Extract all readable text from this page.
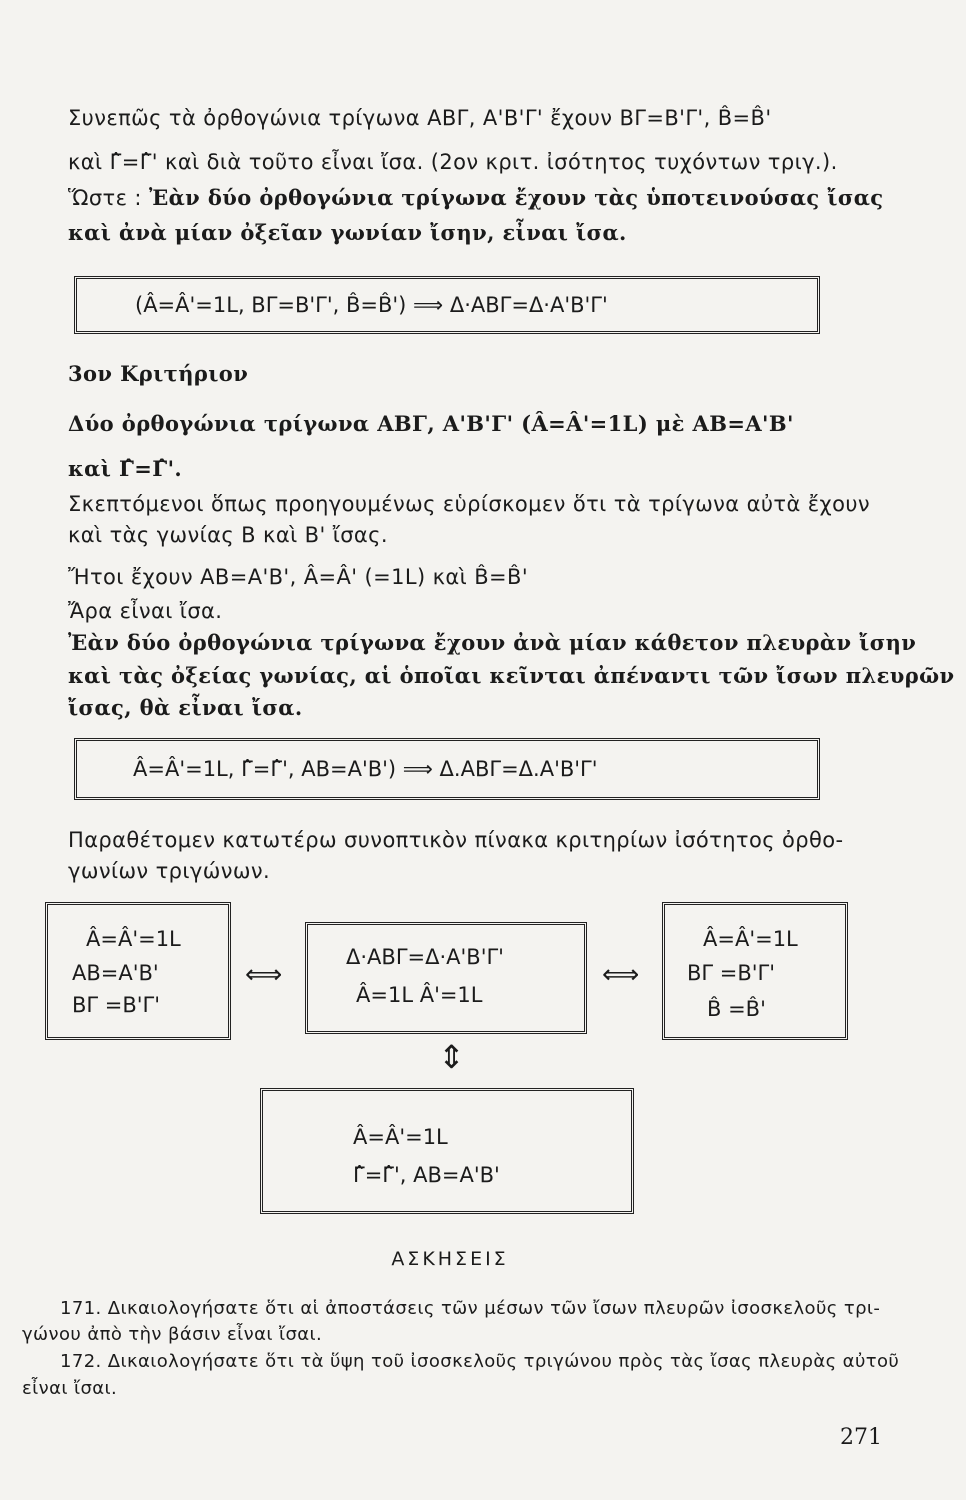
Συνεπῶς τὰ ὀρθογώνια τρίγωνα ΑΒΓ, Α'Β'Γ' ἔχουν ΒΓ=Β'Γ', B̂=B̂'
καὶ Γ̂=Γ̂' καὶ διὰ τοῦτο εἶναι ἴσα. (2ον κριτ. ἰσότητος τυχόντων τριγ.).
Ὥστε : Ἐὰν δύο ὀρθογώνια τρίγωνα ἔχουν τὰς ὑποτεινούσας ἴσας
καὶ ἀνὰ μίαν ὀξεῖαν γωνίαν ἴσην, εἶναι ἴσα.
(Â=Â'=1L, ΒΓ=Β'Γ', B̂=B̂') ⟹ Δ·ΑΒΓ=Δ·Α'Β'Γ'
3ον Κριτήριον
Δύο ὀρθογώνια τρίγωνα ΑΒΓ, Α'Β'Γ' (Â=Â'=1L) μὲ ΑΒ=Α'Β'
καὶ Γ̂=Γ̂'.
Σκεπτόμενοι ὅπως προηγουμένως εὑρίσκομεν ὅτι τὰ τρίγωνα αὐτὰ ἔχουν
καὶ τὰς γωνίας Β καὶ Β' ἴσας.
Ἤτοι ἔχουν ΑΒ=Α'Β', Â=Â' (=1L) καὶ B̂=B̂'
Ἄρα εἶναι ἴσα.
Ἐὰν δύο ὀρθογώνια τρίγωνα ἔχουν ἀνὰ μίαν κάθετον πλευρὰν ἴσην
καὶ τὰς ὀξείας γωνίας, αἱ ὁποῖαι κεῖνται ἀπέναντι τῶν ἴσων πλευρῶν
ἴσας, θὰ εἶναι ἴσα.
Â=Â'=1L, Γ̂=Γ̂', ΑΒ=Α'Β') ⟹ Δ.ΑΒΓ=Δ.Α'Β'Γ'
Παραθέτομεν κατωτέρω συνοπτικὸν πίνακα κριτηρίων ἰσότητος ὀρθο-
γωνίων τριγώνων.
Â=Â'=1L
ΑΒ=Α'Β'
ΒΓ =Β'Γ'
⟺
Δ·ΑΒΓ=Δ·Α'Β'Γ'
Â=1L Â'=1L
⟺
Â=Â'=1L
ΒΓ =Β'Γ'
B̂ =B̂'
⇕
Â=Â'=1L
Γ̂=Γ̂', ΑΒ=Α'Β'
ΑΣΚΗΣΕΙΣ
171. Δικαιολογήσατε ὅτι αἱ ἀποστάσεις τῶν μέσων τῶν ἴσων πλευρῶν ἰσοσκελοῦς τρι-
γώνου ἀπὸ τὴν βάσιν εἶναι ἴσαι.
172. Δικαιολογήσατε ὅτι τὰ ὕψη τοῦ ἰσοσκελοῦς τριγώνου πρὸς τὰς ἴσας πλευρὰς αὐτοῦ
εἶναι ἴσαι.
271
